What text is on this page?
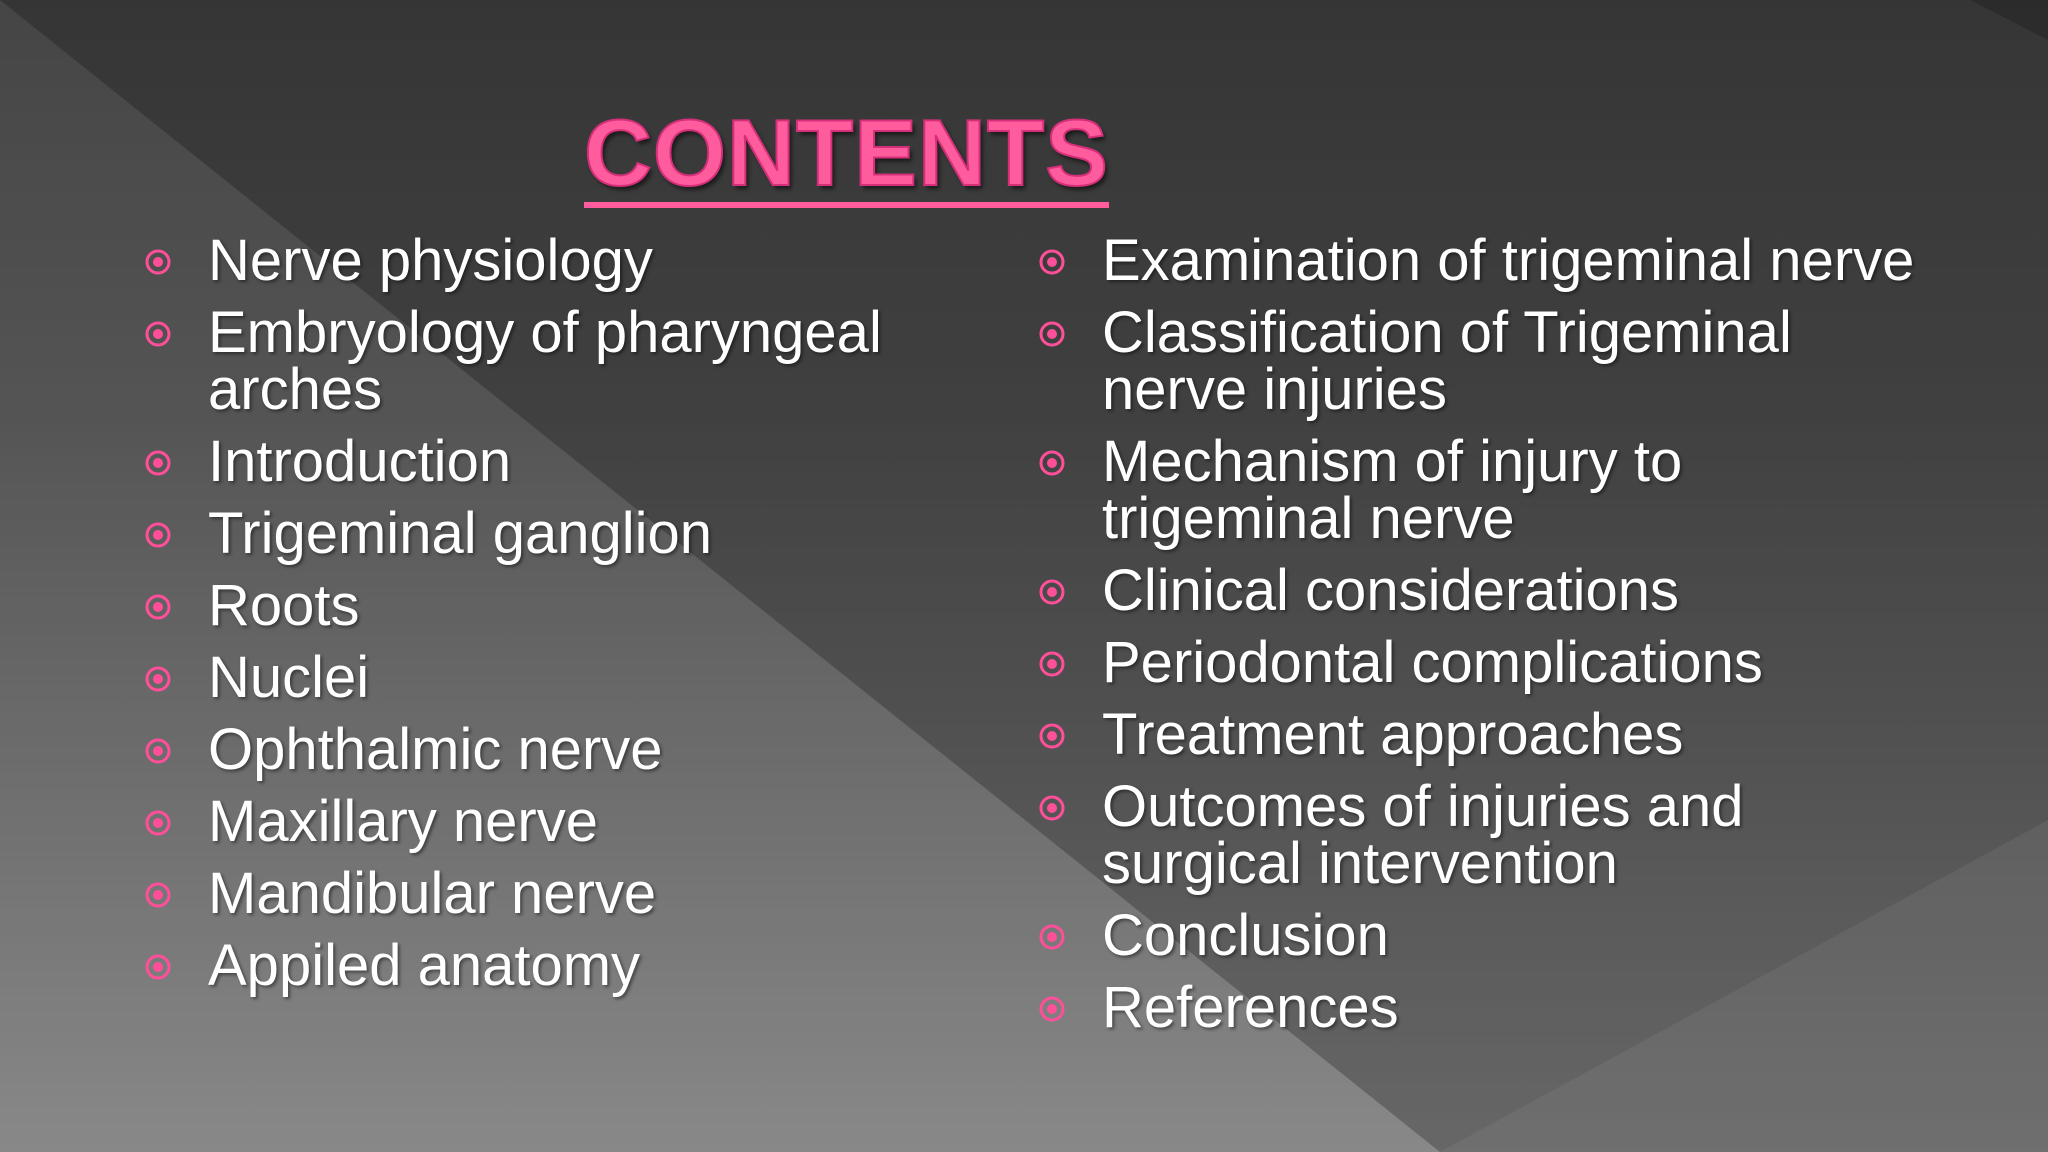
CONTENTS
Nerve physiology
Embryology of pharyngeal arches
Introduction
Trigeminal ganglion
Roots
Nuclei
Ophthalmic nerve
Maxillary nerve
Mandibular nerve
Appiled anatomy
Examination of trigeminal nerve
Classification of Trigeminal nerve injuries
Mechanism of injury to trigeminal nerve
Clinical considerations
Periodontal complications
Treatment approaches
Outcomes of injuries and surgical intervention
Conclusion
References
